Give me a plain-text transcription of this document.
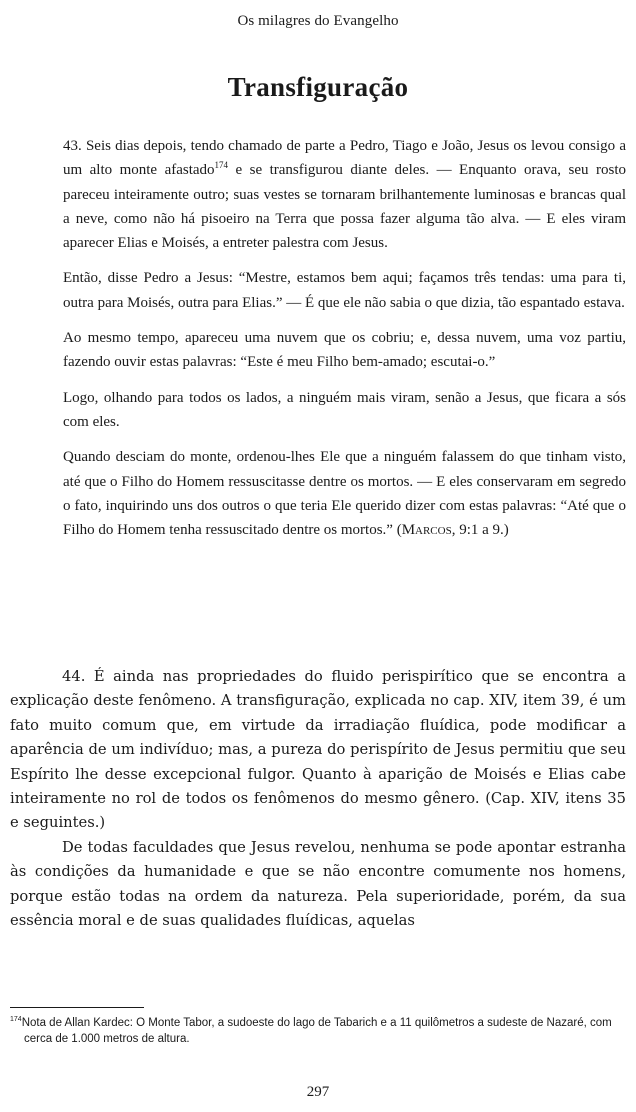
Os milagres do Evangelho
Transfiguração

43. Seis dias depois, tendo chamado de parte a Pedro, Tiago e João, Jesus os levou consigo a um alto monte afastado$^{174}$ e se transfigurou diante deles. — Enquanto orava, seu rosto pareceu inteiramente outro; suas vestes se tornaram brilhantemente luminosas e brancas qual a neve, como não há pisoeiro na Terra que possa fazer alguma tão alva. — E eles viram aparecer Elias e Moisés, a entreter palestra com Jesus.

Então, disse Pedro a Jesus: “Mestre, estamos bem aqui; façamos três tendas: uma para ti, outra para Moisés, outra para Elias.” — É que ele não sabia o que dizia, tão espantado estava.

Ao mesmo tempo, apareceu uma nuvem que os cobriu; e, dessa nuvem, uma voz partiu, fazendo ouvir estas palavras: “Este é meu Filho bem-amado; escutai-o.”

Logo, olhando para todos os lados, a ninguém mais viram, senão a Jesus, que ficara a sós com eles.

Quando desciam do monte, ordenou-lhes Ele que a ninguém falassem do que tinham visto, até que o Filho do Homem ressuscitasse dentre os mortos. — E eles conservaram em segredo o fato, inquirindo uns dos outros o que teria Ele querido dizer com estas palavras: “Até que o Filho do Homem tenha ressuscitado dentre os mortos.” (Marcos, 9:1 a 9.)

44. É ainda nas propriedades do fluido perispirítico que se encontra a explicação deste fenômeno. A transfiguração, explicada no cap. XIV, item 39, é um fato muito comum que, em virtude da irradiação fluídica, pode modificar a aparência de um indivíduo; mas, a pureza do perispírito de Jesus permitiu que seu Espírito lhe desse excepcional fulgor. Quanto à aparição de Moisés e Elias cabe inteiramente no rol de todos os fenômenos do mesmo gênero. (Cap. XIV, itens 35 e seguintes.)

De todas faculdades que Jesus revelou, nenhuma se pode apontar estranha às condições da humanidade e que se não encontre comumente nos homens, porque estão todas na ordem da natureza. Pela superioridade, porém, da sua essência moral e de suas qualidades fluídicas, aquelas

$^{174}$Nota de Allan Kardec: O Monte Tabor, a sudoeste do lago de Tabarich e a 11 quilômetros a sudeste de Nazaré, com cerca de 1.000 metros de altura.
297
